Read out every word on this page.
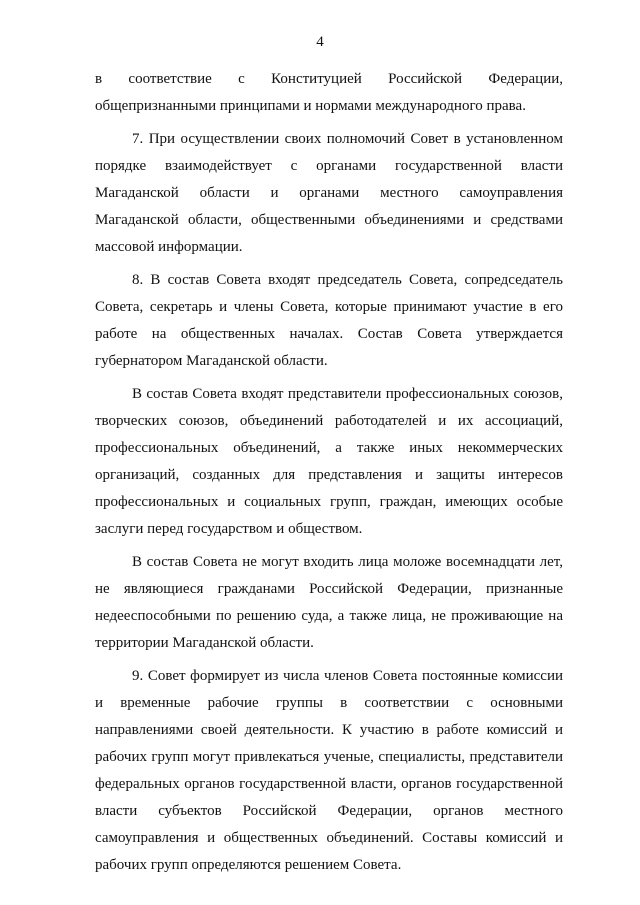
4

в соответствие с Конституцией Российской Федерации, общепризнанными принципами и нормами международного права.

7. При осуществлении своих полномочий Совет в установленном порядке взаимодействует с органами государственной власти Магаданской области и органами местного самоуправления Магаданской области, общественными объединениями и средствами массовой информации.

8. В состав Совета входят председатель Совета, сопредседатель Совета, секретарь и члены Совета, которые принимают участие в его работе на общественных началах. Состав Совета утверждается губернатором Магаданской области.

В состав Совета входят представители профессиональных союзов, творческих союзов, объединений работодателей и их ассоциаций, профессиональных объединений, а также иных некоммерческих организаций, созданных для представления и защиты интересов профессиональных и социальных групп, граждан, имеющих особые заслуги перед государством и обществом.

В состав Совета не могут входить лица моложе восемнадцати лет, не являющиеся гражданами Российской Федерации, признанные недееспособными по решению суда, а также лица, не проживающие на территории Магаданской области.

9. Совет формирует из числа членов Совета постоянные комиссии и временные рабочие группы в соответствии с основными направлениями своей деятельности. К участию в работе комиссий и рабочих групп могут привлекаться ученые, специалисты, представители федеральных органов государственной власти, органов государственной власти субъектов Российской Федерации, органов местного самоуправления и общественных объединений. Составы комиссий и рабочих групп определяются решением Совета.
